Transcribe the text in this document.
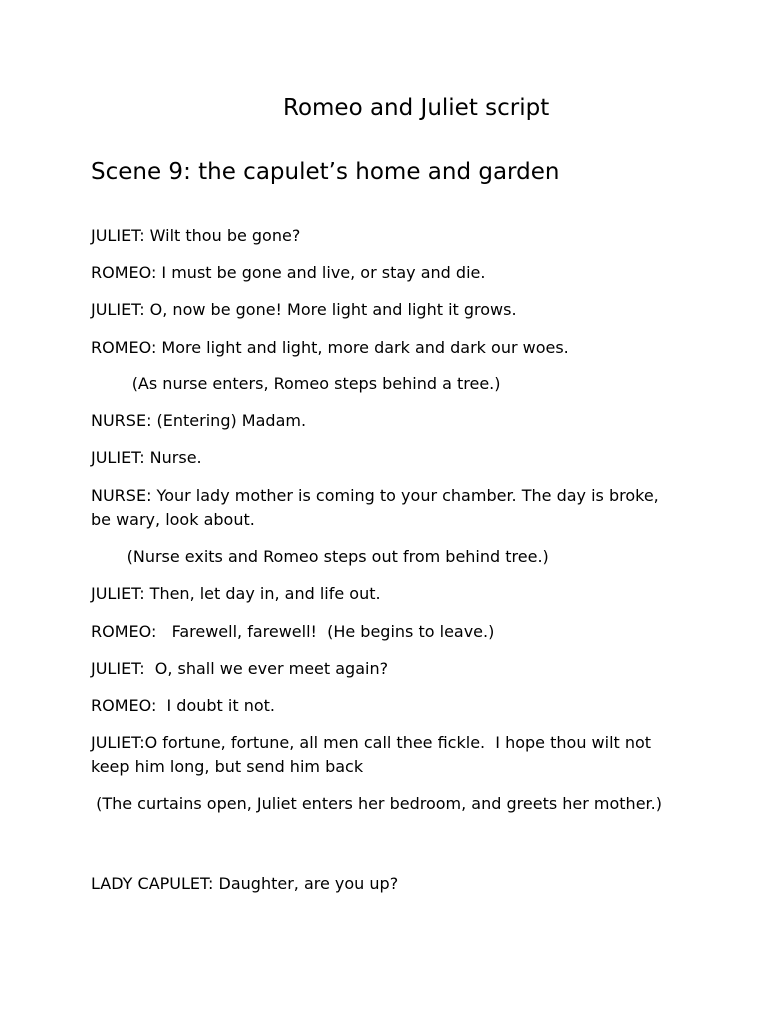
Romeo and Juliet script
Scene 9: the capulet’s home and garden
JULIET: Wilt thou be gone?
ROMEO: I must be gone and live, or stay and die.
JULIET: O, now be gone! More light and light it grows.
ROMEO: More light and light, more dark and dark our woes.
(As nurse enters, Romeo steps behind a tree.)
NURSE: (Entering) Madam.
JULIET: Nurse.
NURSE: Your lady mother is coming to your chamber. The day is broke, be wary, look about.
(Nurse exits and Romeo steps out from behind tree.)
JULIET: Then, let day in, and life out.
ROMEO:   Farewell, farewell!  (He begins to leave.)
JULIET:  O, shall we ever meet again?
ROMEO:  I doubt it not.
JULIET:O fortune, fortune, all men call thee fickle.  I hope thou wilt not  keep him long, but send him back
(The curtains open, Juliet enters her bedroom, and greets her mother.)
LADY CAPULET: Daughter, are you up?
